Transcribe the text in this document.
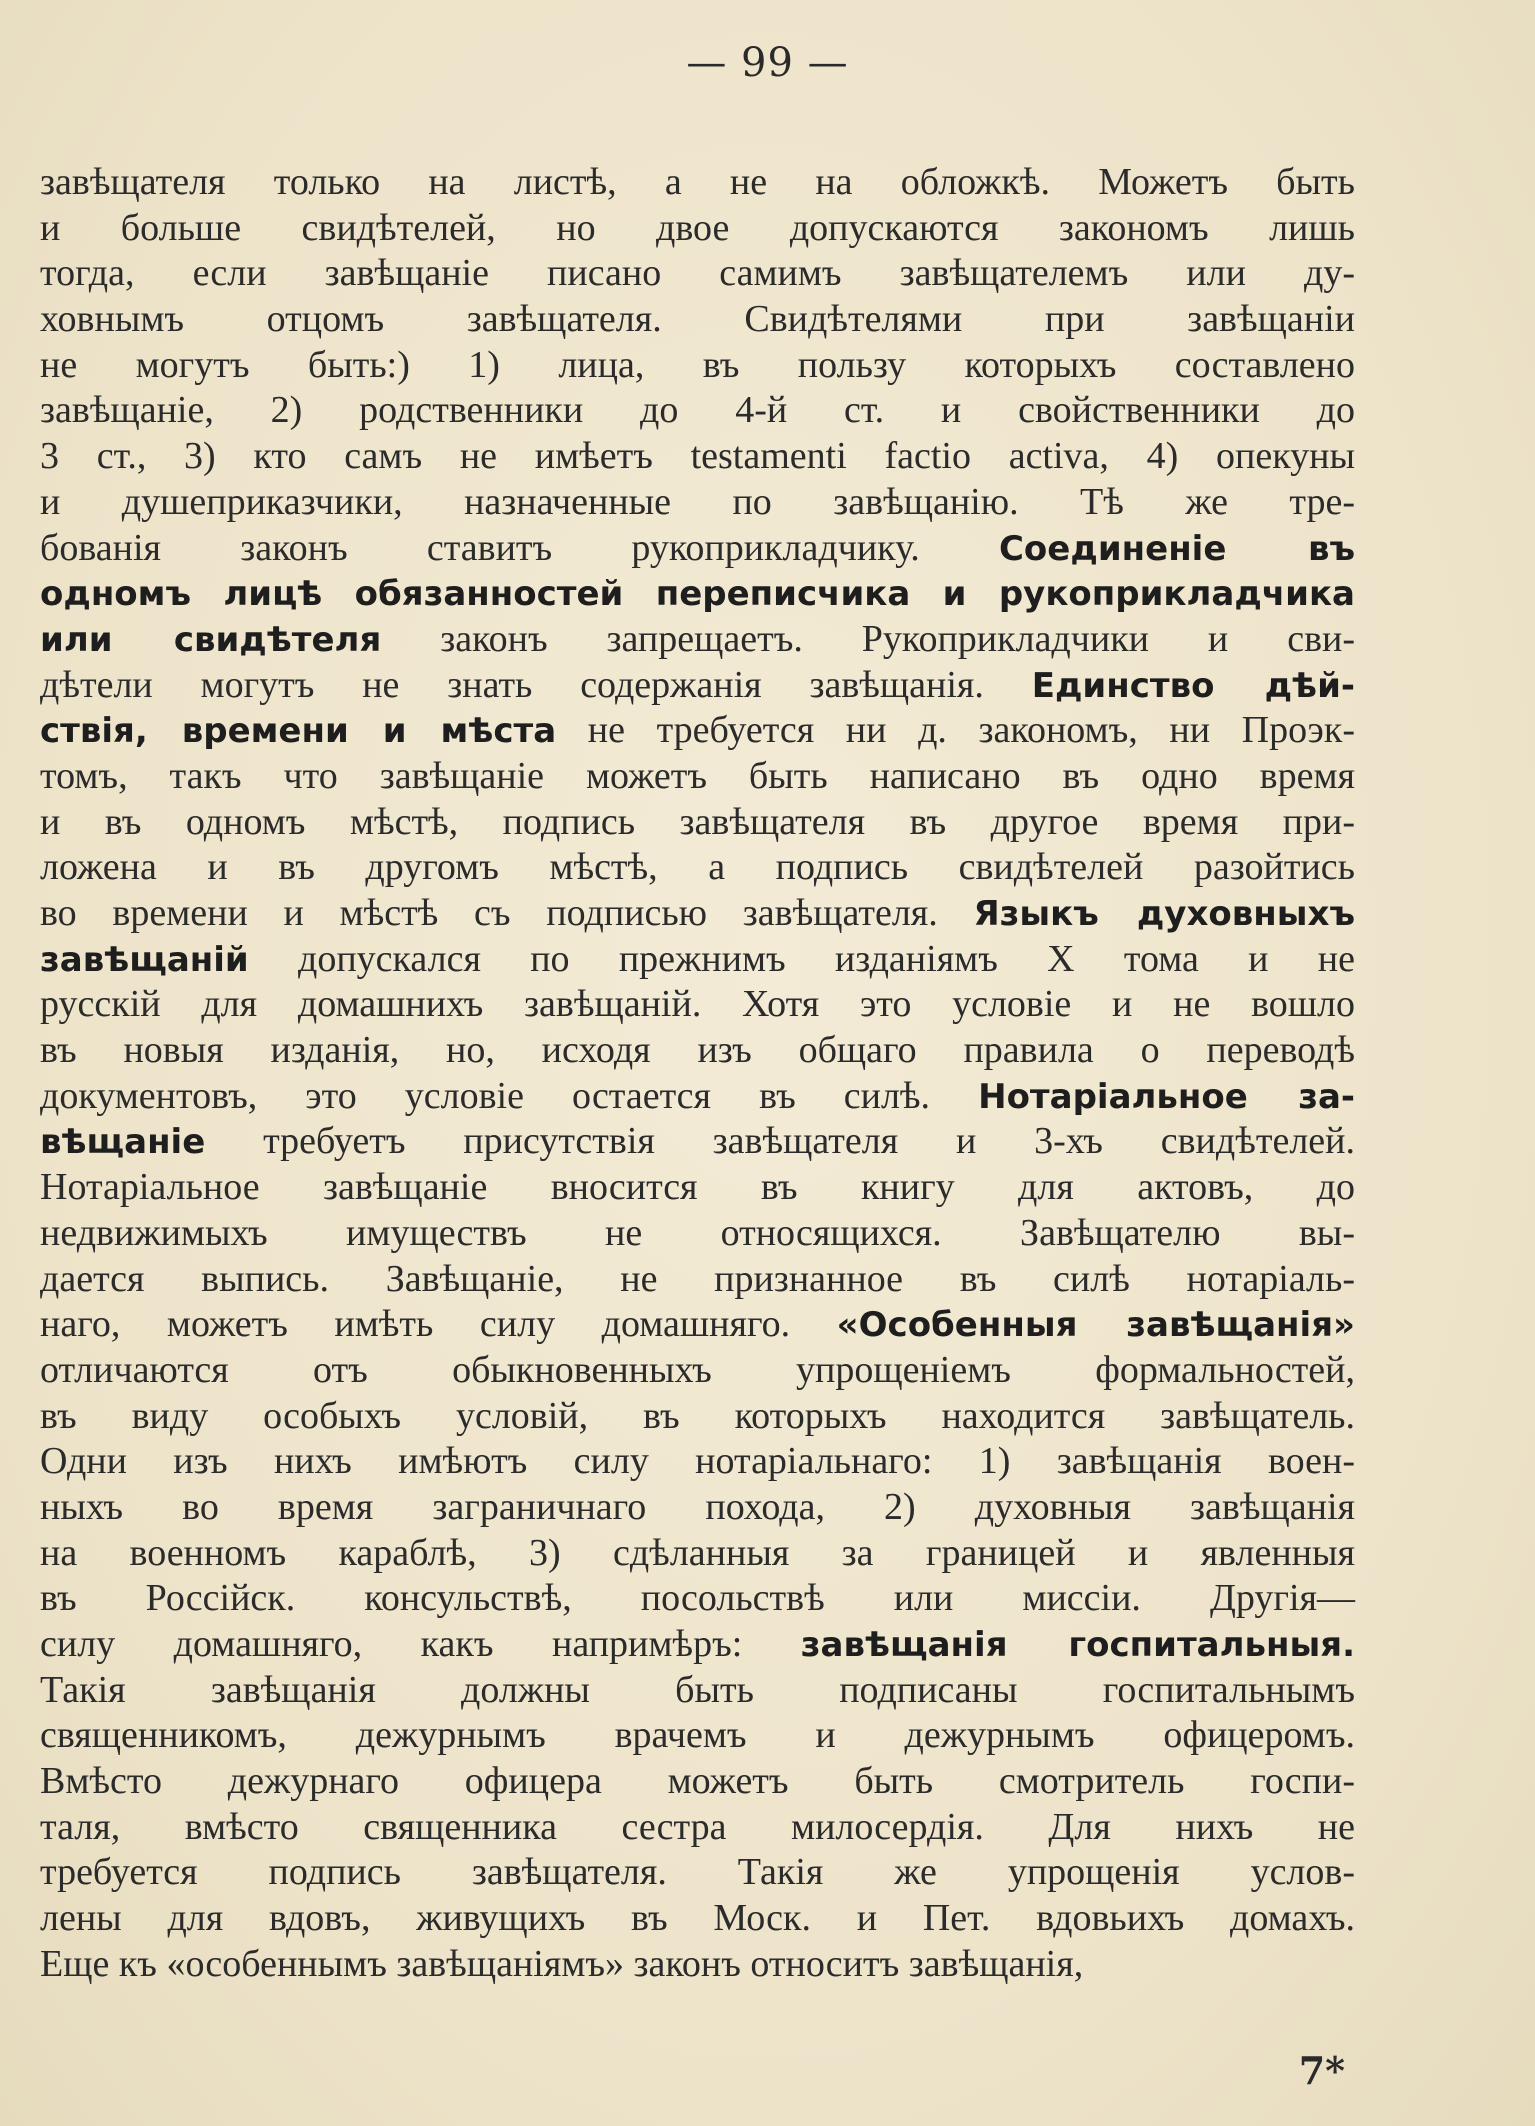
— 99 —
завѣщателя только на листѣ, а не на обложкѣ. Можетъ быть
и больше свидѣтелей, но двое допускаются закономъ лишь
тогда, если завѣщаніе писано самимъ завѣщателемъ или ду-
ховнымъ отцомъ завѣщателя. Свидѣтелями при завѣщаніи
не могутъ быть:) 1) лица, въ пользу которыхъ составлено
завѣщаніе, 2) родственники до 4-й ст. и свойственники до
3 ст., 3) кто самъ не имѣетъ testamenti factio activa, 4) опекуны
и душеприказчики, назначенные по завѣщанію. Тѣ же тре-
бованія законъ ставитъ рукоприкладчику. Соединеніе въ
одномъ лицѣ обязанностей переписчика и рукоприкладчика
или свидѣтеля законъ запрещаетъ. Рукоприкладчики и сви-
дѣтели могутъ не знать содержанія завѣщанія. Единство дѣй-
ствія, времени и мѣста не требуется ни д. закономъ, ни Проэк-
томъ, такъ что завѣщаніе можетъ быть написано въ одно время
и въ одномъ мѣстѣ, подпись завѣщателя въ другое время при-
ложена и въ другомъ мѣстѣ, а подпись свидѣтелей разойтись
во времени и мѣстѣ съ подписью завѣщателя. Языкъ духовныхъ
завѣщаній допускался по прежнимъ изданіямъ X тома и не
русскій для домашнихъ завѣщаній. Хотя это условіе и не вошло
въ новыя изданія, но, исходя изъ общаго правила о переводѣ
документовъ, это условіе остается въ силѣ. Нотаріальное за-
вѣщаніе требуетъ присутствія завѣщателя и 3-хъ свидѣтелей.
Нотаріальное завѣщаніе вносится въ книгу для актовъ, до
недвижимыхъ имуществъ не относящихся. Завѣщателю вы-
дается выпись. Завѣщаніе, не признанное въ силѣ нотаріаль-
наго, можетъ имѣть силу домашняго. «Особенныя завѣщанія»
отличаются отъ обыкновенныхъ упрощеніемъ формальностей,
въ виду особыхъ условій, въ которыхъ находится завѣщатель.
Одни изъ нихъ имѣютъ силу нотаріальнаго: 1) завѣщанія воен-
ныхъ во время заграничнаго похода, 2) духовныя завѣщанія
на военномъ караблѣ, 3) сдѣланныя за границей и явленныя
въ Россійск. консульствѣ, посольствѣ или миссіи. Другія—
силу домашняго, какъ напримѣръ: завѣщанія госпитальныя.
Такія завѣщанія должны быть подписаны госпитальнымъ
священникомъ, дежурнымъ врачемъ и дежурнымъ офицеромъ.
Вмѣсто дежурнаго офицера можетъ быть смотритель госпи-
таля, вмѣсто священника сестра милосердія. Для нихъ не
требуется подпись завѣщателя. Такія же упрощенія услов-
лены для вдовъ, живущихъ въ Моск. и Пет. вдовьихъ домахъ.
Еще къ «особеннымъ завѣщаніямъ» законъ относитъ завѣщанія,
7*
